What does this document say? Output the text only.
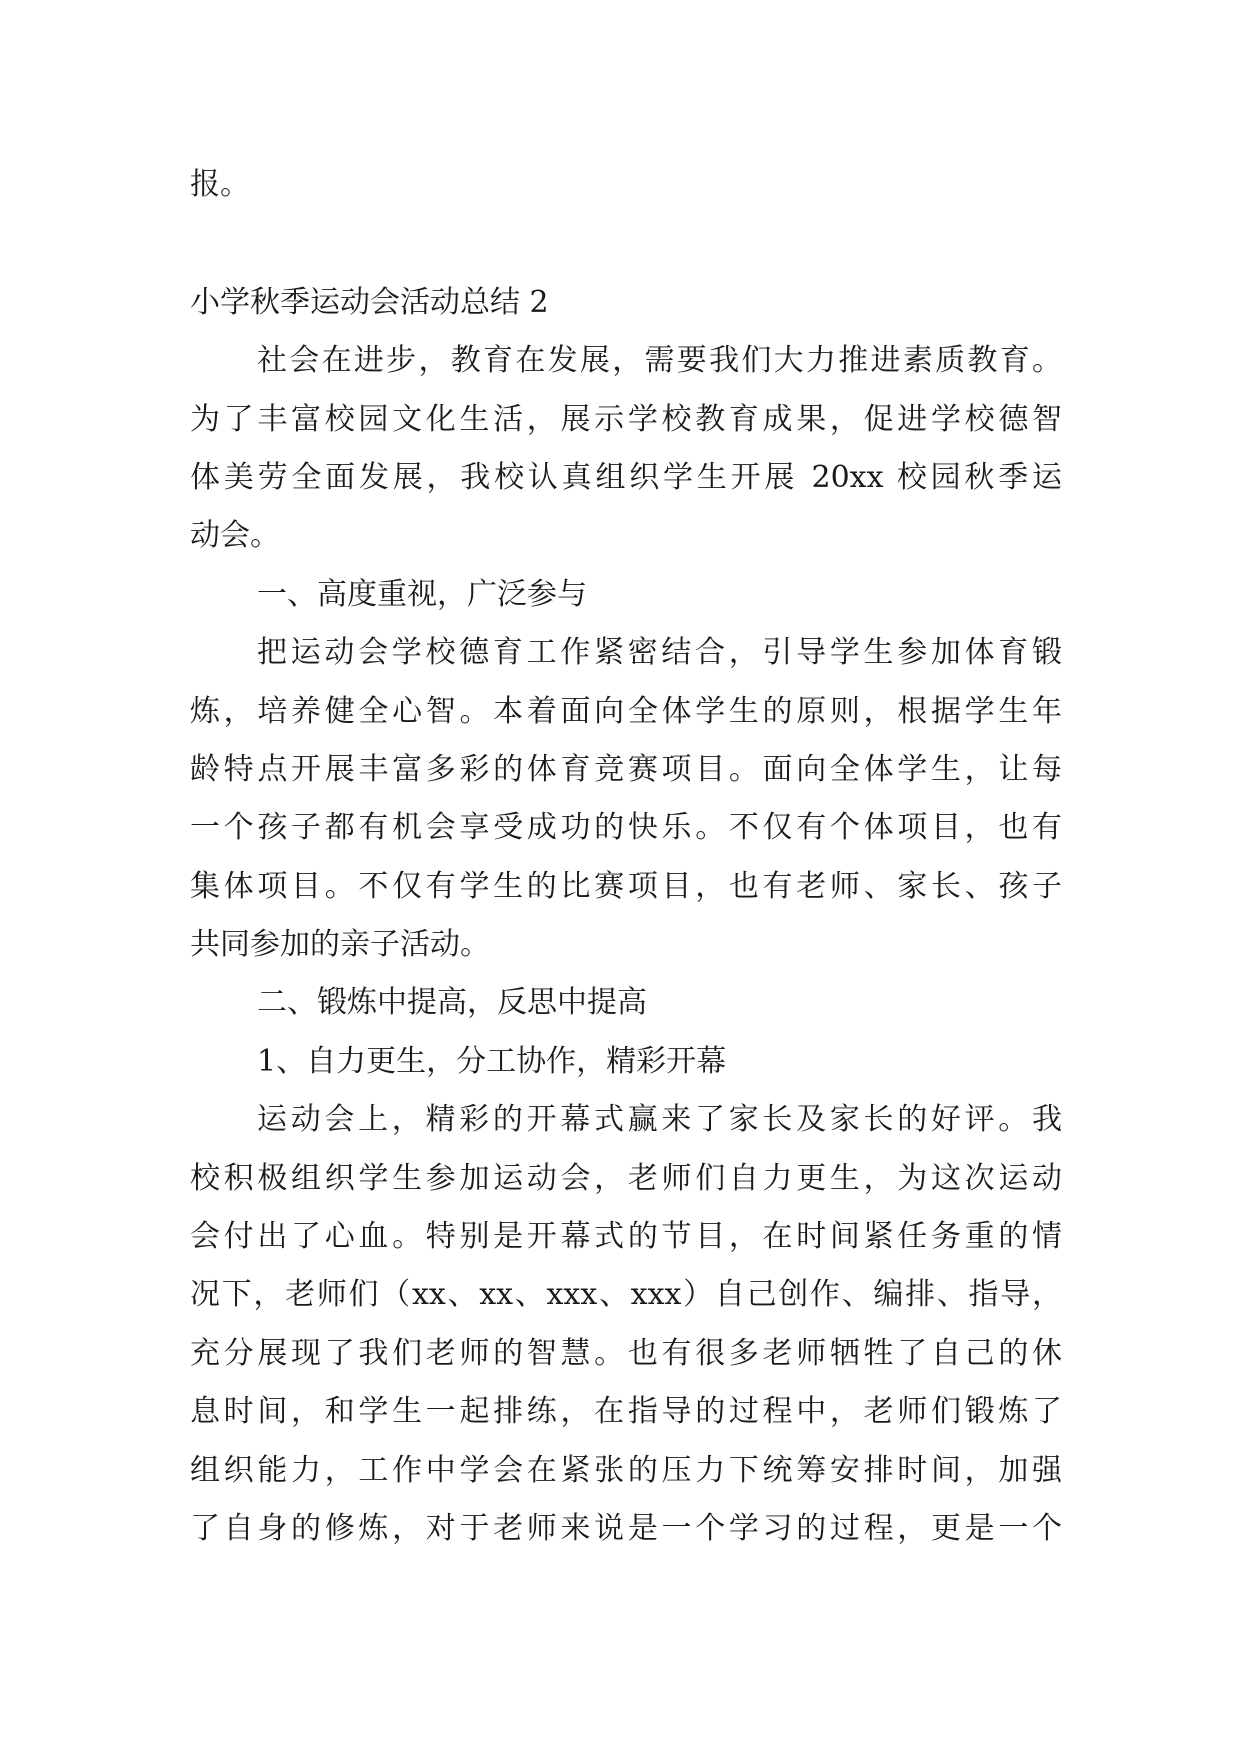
报。
小学秋季运动会活动总结 2
社会在进步，教育在发展，需要我们大力推进素质教育。
为了丰富校园文化生活，展示学校教育成果，促进学校德智
体美劳全面发展，我校认真组织学生开展 20xx 校园秋季运
动会。
一、高度重视，广泛参与
把运动会学校德育工作紧密结合，引导学生参加体育锻
炼，培养健全心智。本着面向全体学生的原则，根据学生年
龄特点开展丰富多彩的体育竞赛项目。面向全体学生，让每
一个孩子都有机会享受成功的快乐。不仅有个体项目，也有
集体项目。不仅有学生的比赛项目，也有老师、家长、孩子
共同参加的亲子活动。
二、锻炼中提高，反思中提高
1、自力更生，分工协作，精彩开幕
运动会上，精彩的开幕式赢来了家长及家长的好评。我
校积极组织学生参加运动会，老师们自力更生，为这次运动
会付出了心血。特别是开幕式的节目，在时间紧任务重的情
况下，老师们（xx、xx、xxx、xxx）自己创作、编排、指导，
充分展现了我们老师的智慧。也有很多老师牺牲了自己的休
息时间，和学生一起排练，在指导的过程中，老师们锻炼了
组织能力，工作中学会在紧张的压力下统筹安排时间，加强
了自身的修炼，对于老师来说是一个学习的过程，更是一个
